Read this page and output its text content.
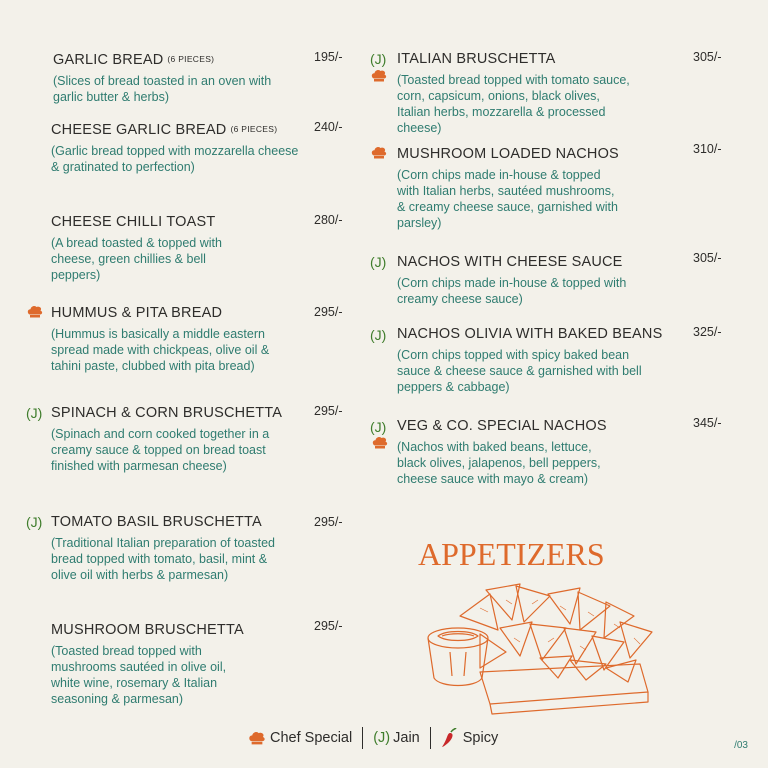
GARLIC BREAD (6 PIECES)
(Slices of bread toasted in an oven with garlic butter & herbs)
195/-
CHEESE GARLIC BREAD (6 PIECES)
(Garlic bread topped with mozzarella cheese & gratinated to perfection)
240/-
CHEESE CHILLI TOAST
(A bread toasted & topped with cheese, green chillies & bell peppers)
280/-
HUMMUS & PITA BREAD
(Hummus is basically a middle eastern spread made with chickpeas, olive oil & tahini paste, clubbed with pita bread)
295/-
(J) SPINACH & CORN BRUSCHETTA
(Spinach and corn cooked together in a creamy sauce & topped on bread toast finished with parmesan cheese)
295/-
(J) TOMATO BASIL BRUSCHETTA
(Traditional Italian preparation of toasted bread topped with tomato, basil, mint & olive oil with herbs & parmesan)
295/-
MUSHROOM BRUSCHETTA
(Toasted bread topped with mushrooms sautéed in olive oil, white wine, rosemary & Italian seasoning & parmesan)
295/-
(J) ITALIAN BRUSCHETTA
(Toasted bread topped with tomato sauce, corn, capsicum, onions, black olives, Italian herbs, mozzarella & processed cheese)
305/-
MUSHROOM LOADED NACHOS
(Corn chips made in-house & topped with Italian herbs, sautéed mushrooms, & creamy cheese sauce, garnished with parsley)
310/-
(J) NACHOS WITH CHEESE SAUCE
(Corn chips made in-house & topped with creamy cheese sauce)
305/-
(J) NACHOS OLIVIA WITH BAKED BEANS
(Corn chips topped with spicy baked bean sauce & cheese sauce & garnished with bell peppers & cabbage)
325/-
(J) VEG & CO. SPECIAL NACHOS
(Nachos with baked beans, lettuce, black olives, jalapenos, bell peppers, cheese sauce with mayo & cream)
345/-
APPETIZERS
Chef Special (J) Jain	Spicy	/03
